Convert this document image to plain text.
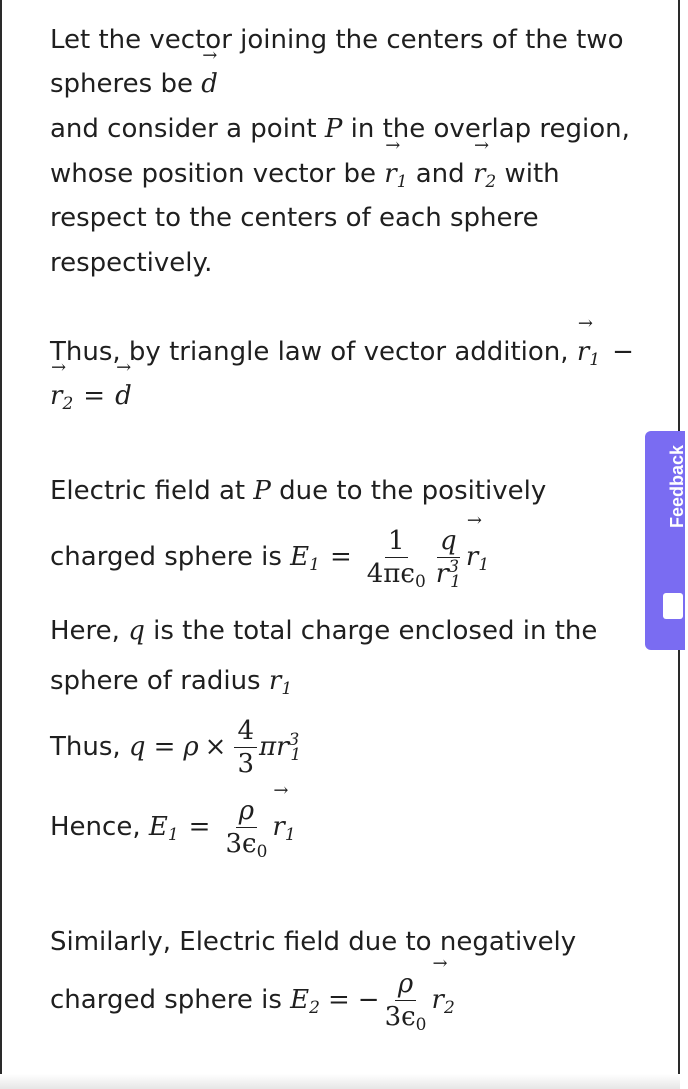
Let the vector joining the centers of the two
spheres be → d
and consider a point P in the overlap region,
whose position vector be → $r_1$ and → $r_2$ with
respect to the centers of each sphere
respectively.
Thus, by triangle law of vector addition, → $r_1$ −
→ $r_2 =\to d$
Electric field at P due to the positively
charged sphere is $E_1 = \frac{1}{4\pi\epsilon_0} \frac{q}{r^3_1}$
→ $r_1$
Here, q is the total charge enclosed in the
sphere of radius $r_1$
Thus, $q = \rho \times \frac{4}{3} \pi r^3_1$
Hence, $E_1 = \frac{\rho}{3\epsilon_0}$
→ $r_1$
Similarly, Electric field due to negatively
charged sphere is $E_2$ = − $\frac{\rho}{3\epsilon_0}$
→ $r_2$
Feedback
